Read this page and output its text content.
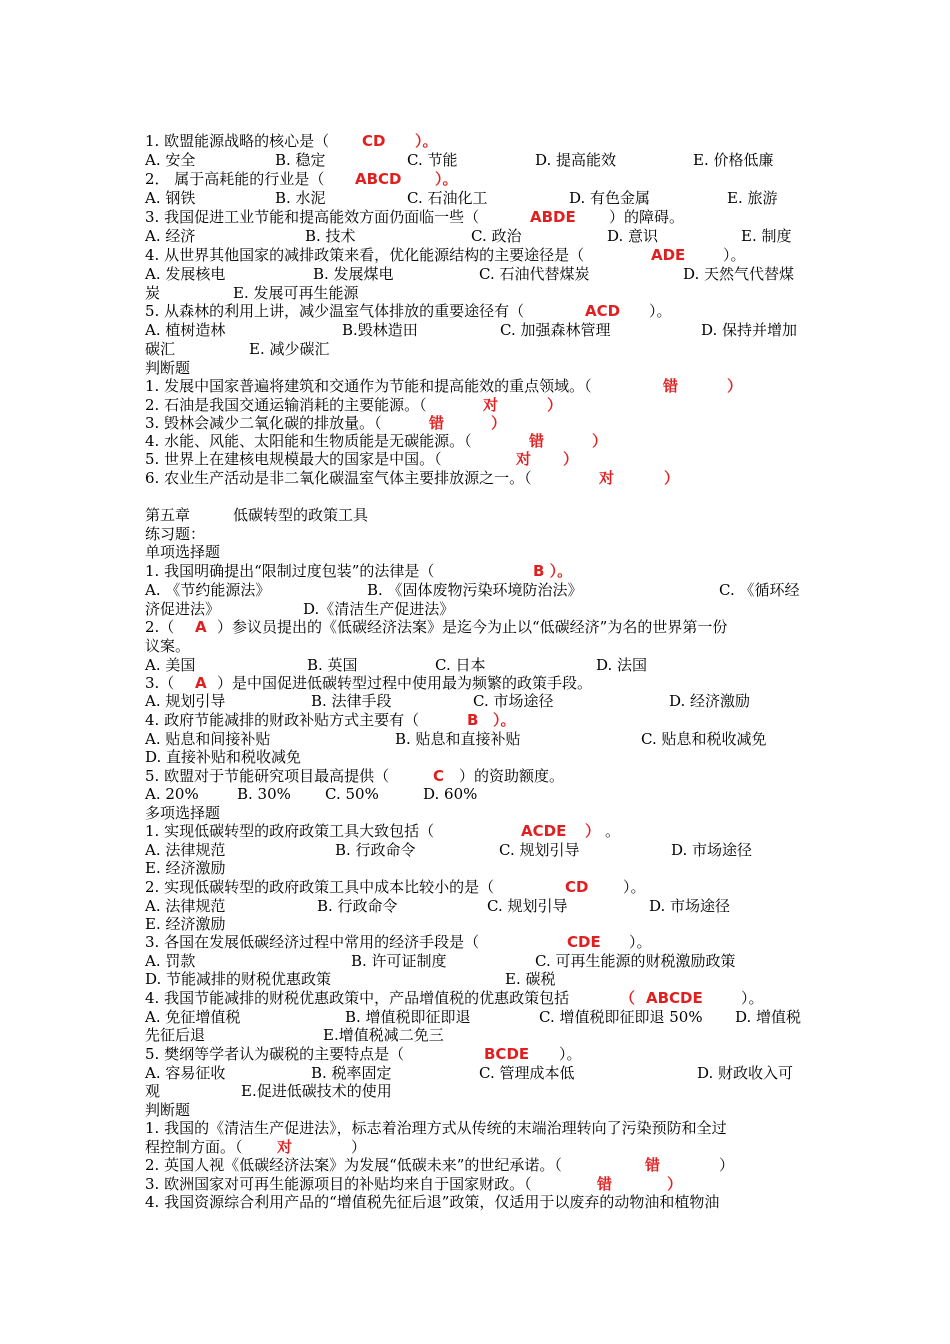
1. 欧盟能源战略的核心是（ CD ）。
A. 安全	B. 稳定	C. 节能	D. 提高能效	E. 价格低廉
2． 属于高耗能的行业是（ ABCD ）。
A. 钢铁	B. 水泥	C. 石油化工	D. 有色金属	E. 旅游
3. 我国促进工业节能和提高能效方面仍面临一些（	ABDE ）的障碍。
A. 经济	B. 技术	C. 政治	D. 意识	E. 制度
4. 从世界其他国家的减排政策来看，优化能源结构的主要途径是（	ADE	）。
A. 发展核电	B. 发展煤电	C. 石油代替煤炭	D. 天然气代替煤
炭	E. 发展可再生能源
5. 从森林的利用上讲，减少温室气体排放的重要途径有（	ACD ）。
A. 植树造林	B.毁林造田	C. 加强森林管理	D. 保持并增加
碳汇	E. 减少碳汇
判断题
1. 发展中国家普遍将建筑和交通作为节能和提高能效的重点领域。（	错	）
2. 石油是我国交通运输消耗的主要能源。（	对	）
3. 毁林会减少二氧化碳的排放量。（	错	）
4. 水能、风能、太阳能和生物质能是无碳能源。（	错	）
5. 世界上在建核电规模最大的国家是中国。（	对 ）
6. 农业生产活动是非二氧化碳温室气体主要排放源之一。（	对	）
第五章	低碳转型的政策工具
练习题：
单项选择题
1. 我国明确提出“限制过度包装”的法律是（	B ）。
A. 《节约能源法》	B. 《固体废物污染环境防治法》	C. 《循环经
济促进法》	D.《清洁生产促进法》
2.（ A ）参议员提出的《低碳经济法案》是迄今为止以“低碳经济”为名的世界第一份
议案。
A. 美国	B. 英国	C. 日本	D. 法国
3.（ A ）是中国促进低碳转型过程中使用最为频繁的政策手段。
A. 规划引导	B. 法律手段	C. 市场途径	D. 经济激励
4. 政府节能减排的财政补贴方式主要有（	B ）。
A. 贴息和间接补贴	B. 贴息和直接补贴	C. 贴息和税收减免
D. 直接补贴和税收减免
5. 欧盟对于节能研究项目最高提供（	C ）的资助额度。
A. 20%	B. 30% C. 50%	D. 60%
多项选择题
1. 实现低碳转型的政府政策工具大致包括（	ACDE ） 。
A. 法律规范	B. 行政命令	C. 规划引导	D. 市场途径
E. 经济激励
2. 实现低碳转型的政府政策工具中成本比较小的是（	CD ）。
A. 法律规范	B. 行政命令	C. 规划引导	D. 市场途径
E. 经济激励
3. 各国在发展低碳经济过程中常用的经济手段是（	CDE ）。
A. 罚款	B. 许可证制度	C. 可再生能源的财税激励政策
D. 节能减排的财税优惠政策	E. 碳税
4. 我国节能减排的财税优惠政策中，产品增值税的优惠政策包括	（ ABCDE	）。
A. 免征增值税	B. 增值税即征即退	C. 增值税即征即退 50% D. 增值税
先征后退	E.增值税减二免三
5. 樊纲等学者认为碳税的主要特点是（	BCDE ）。
A. 容易征收	B. 税率固定	C. 管理成本低	D. 财政收入可
观	E.促进低碳技术的使用
判断题
1. 我国的《清洁生产促进法》，标志着治理方式从传统的末端治理转向了污染预防和全过
程控制方面。（ 对	）
2. 英国人视《低碳经济法案》为发展“低碳未来”的世纪承诺。（	错	）
3. 欧洲国家对可再生能源项目的补贴均来自于国家财政。（	错	）
4. 我国资源综合利用产品的“增值税先征后退”政策，仅适用于以废弃的动物油和植物油
